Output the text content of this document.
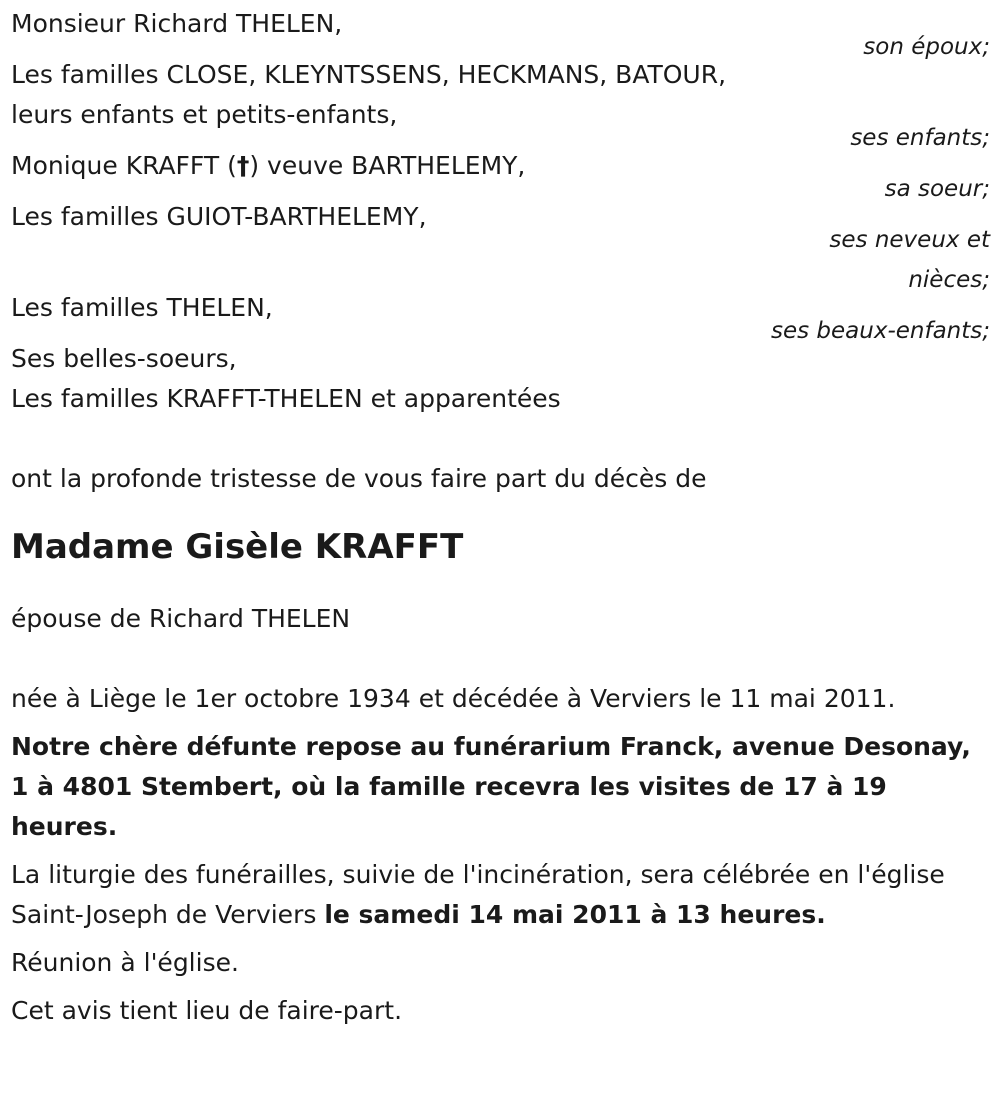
Monsieur Richard THELEN,
son époux;
Les familles CLOSE, KLEYNTSSENS, HECKMANS, BATOUR,
leurs enfants et petits-enfants,
ses enfants;
Monique KRAFFT (†) veuve BARTHELEMY,
sa soeur;
Les familles GUIOT-BARTHELEMY,
ses neveux et
nièces;
Les familles THELEN,
ses beaux-enfants;
Ses belles-soeurs,
Les familles KRAFFT-THELEN et apparentées

ont la profonde tristesse de vous faire part du décès de

Madame Gisèle KRAFFT

épouse de Richard THELEN

née à Liège le 1er octobre 1934 et décédée à Verviers le 11 mai 2011.

Notre chère défunte repose au funérarium Franck, avenue Desonay, 1 à 4801 Stembert, où la famille recevra les visites de 17 à 19 heures.

La liturgie des funérailles, suivie de l'incinération, sera célébrée en l'église Saint-Joseph de Verviers le samedi 14 mai 2011 à 13 heures.

Réunion à l'église.

Cet avis tient lieu de faire-part.
